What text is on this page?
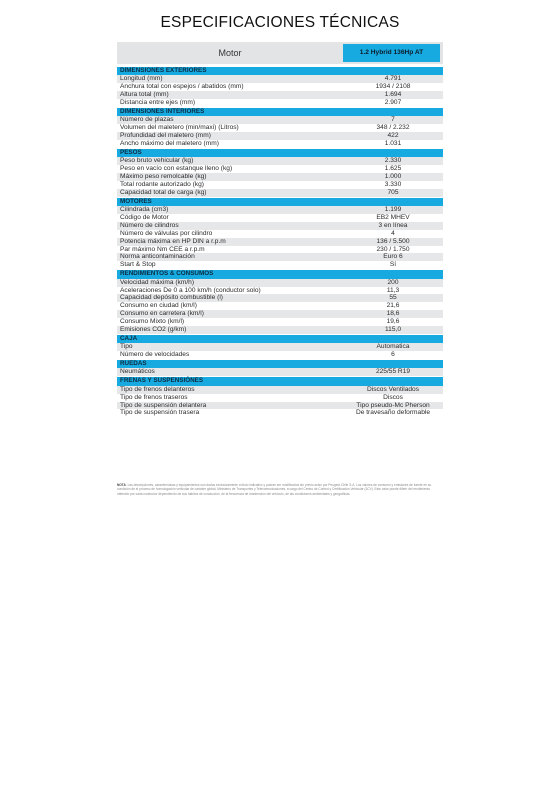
ESPECIFICACIONES TÉCNICAS
Motor	1.2 Hybrid 136Hp AT
DIMENSIONES EXTERIORES
Longitud (mm)	4.791
Anchura total con espejos / abatidos (mm)	1934 / 2108
Altura total (mm)	1.694
Distancia entre ejes (mm)	2.907
DIMENSIONES INTERIORES
Número de plazas	7
Volumen del maletero (min/maxi) (Litros)	348 / 2.232
Profundidad del maletero (mm)	422
Ancho máximo del maletero (mm)	1.031
PESOS
Peso bruto vehicular (kg)	2.330
Peso en vacío con estanque lleno (kg)	1.625
Máximo peso remolcable (kg)	1.000
Total rodante autorizado (kg)	3.330
Capacidad total de carga (kg)	705
MOTORES
Cilindrada (cm3)	1.199
Código de Motor	EB2 MHEV
Número de cilindros	3 en línea
Número de válvulas por cilindro	4
Potencia máxima en HP DIN a r.p.m	136 / 5.500
Par máximo Nm CEE a r.p.m	230 / 1.750
Norma anticontaminación	Euro 6
Start & Stop	Sí
RENDIMIENTOS & CONSUMOS
Velocidad máxima (km/h)	200
Aceleraciones De 0 a 100 km/h (conductor solo)	11,3
Capacidad depósito combustible (l)	55
Consumo en ciudad (km/l)	21,6
Consumo en carretera (km/l)	18,6
Consumo Mixto (km/l)	19,6
Emisiones CO2 (g/km)	115,0
CAJA
Tipo	Automatica
Número de velocidades	6
RUEDAS
Neumáticos	225/55 R19
FRENAS Y SUSPENSIÓNES
Tipo de frenos delanteros	Discos Ventilados
Tipo de frenos traseros	Discos
Tipo de suspensión delantera	Tipo pseudo-Mc Pherson
Tipo de suspensión trasera	De travesaño deformable
NOTA: Las descripciones, características y equipamientos son dados exclusivamente a título indicativo y podrán ser modificados sin previo aviso por Peugeot Chile S.A. Los valores de consumo y emisiones de fuente en su condición de el proceso de homologación vehicular de carácter global, Ministerio de Transportes y Telecomunicaciones, a cargo del Centro de Control y Certificación Vehicular (3CV). Este valor puede diferir del rendimiento obtenido por cada conductor dependiendo de sus hábitos de conducción, de la frecuencia de mantención del vehículo, de las condiciones ambientales y geográficas.
